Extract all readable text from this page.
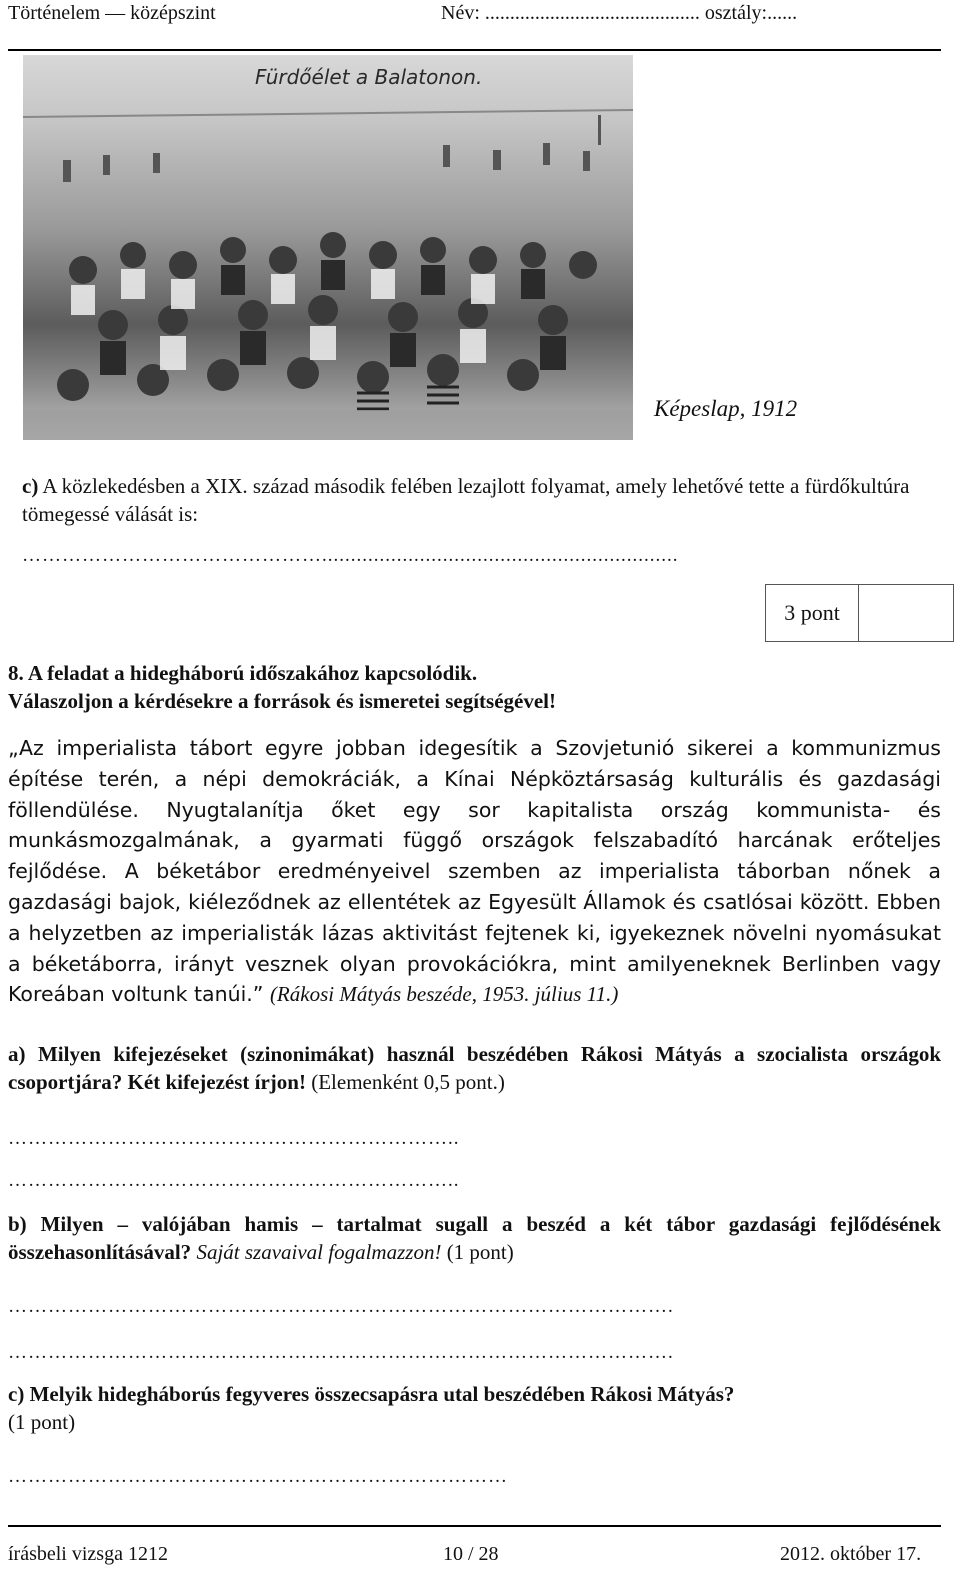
Történelem — középszint	Név: ........................................... osztály:......
Fürdőélet a Balatonon.
Képeslap, 1912
c) A közlekedésben a XIX. század második felében lezajlott folyamat, amely lehetővé tette a fürdőkultúra tömegessé válását is:
………………………………………..............................................................
3 pont
8. A feladat a hidegháború időszakához kapcsolódik.
Válaszoljon a kérdésekre a források és ismeretei segítségével!
„Az imperialista tábort egyre jobban idegesítik a Szovjetunió sikerei a kommunizmus építése terén, a népi demokráciák, a Kínai Népköztársaság kulturális és gazdasági föllendülése. Nyugtalanítja őket egy sor kapitalista ország kommunista- és munkásmozgalmának, a gyarmati függő országok felszabadító harcának erőteljes fejlődése. A béketábor eredményeivel szemben az imperialista táborban nőnek a gazdasági bajok, kiéleződnek az ellentétek az Egyesült Államok és csatlósai között. Ebben a helyzetben az imperialisták lázas aktivitást fejtenek ki, igyekeznek növelni nyomásukat a béketáborra, irányt vesznek olyan provokációkra, mint amilyeneknek Berlinben vagy Koreában voltunk tanúi.” (Rákosi Mátyás beszéde, 1953. július 11.)
a) Milyen kifejezéseket (szinonimákat) használ beszédében Rákosi Mátyás a szocialista országok csoportjára? Két kifejezést írjon! (Elemenként 0,5 pont.)
…………………………………………………………..
…………………………………………………………..
b) Milyen – valójában hamis – tartalmat sugall a beszéd a két tábor gazdasági fejlődésének összehasonlításával? Saját szavaival fogalmazzon! (1 pont)
……………………………………………………………………………………….
……………………………………………………………………………………….
c) Melyik hidegháborús fegyveres összecsapásra utal beszédében Rákosi Mátyás?
(1 pont)
…………………………………………………………………
írásbeli vizsga 1212	10 / 28	2012. október 17.
